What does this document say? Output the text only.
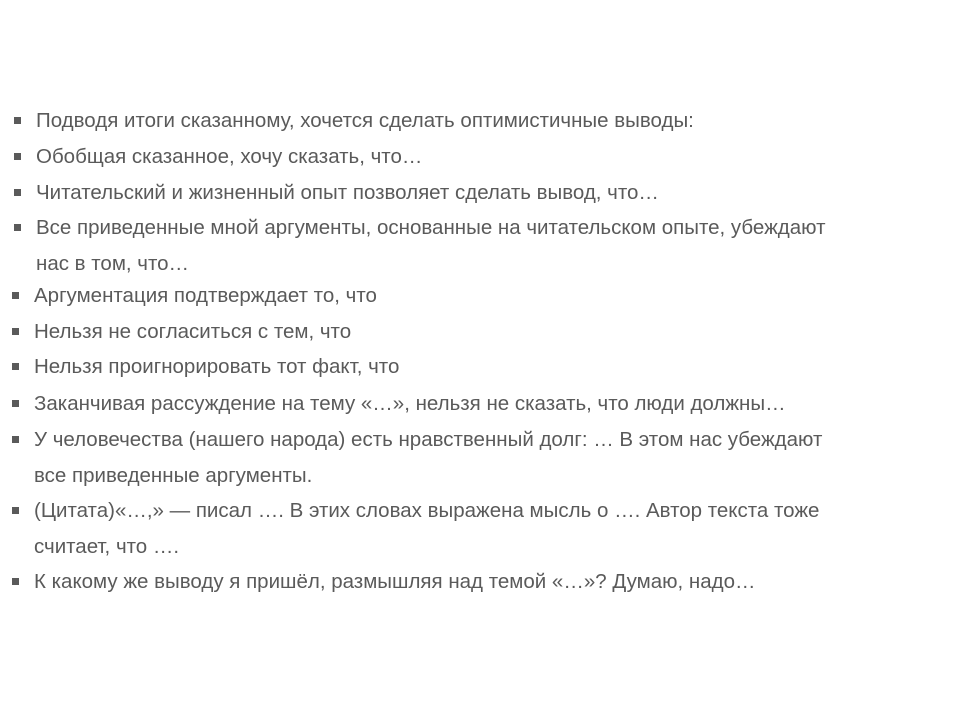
Подводя итоги сказанному, хочется сделать оптимистичные выводы:
Обобщая сказанное, хочу сказать, что…
Читательский и жизненный опыт позволяет сделать вывод, что…
Все приведенные мной аргументы, основанные на читательском опыте, убеждают
нас в том, что…
Аргументация подтверждает то, что
Нельзя не согласиться с тем, что
Нельзя проигнорировать тот факт, что
Заканчивая рассуждение на тему «…», нельзя не сказать, что люди должны…
У человечества (нашего народа) есть нравственный долг: … В этом нас убеждают
все приведенные аргументы.
(Цитата)«…,» — писал …. В этих словах выражена мысль о …. Автор текста тоже
считает, что ….
К какому же выводу я пришёл, размышляя над темой «…»? Думаю, надо…
